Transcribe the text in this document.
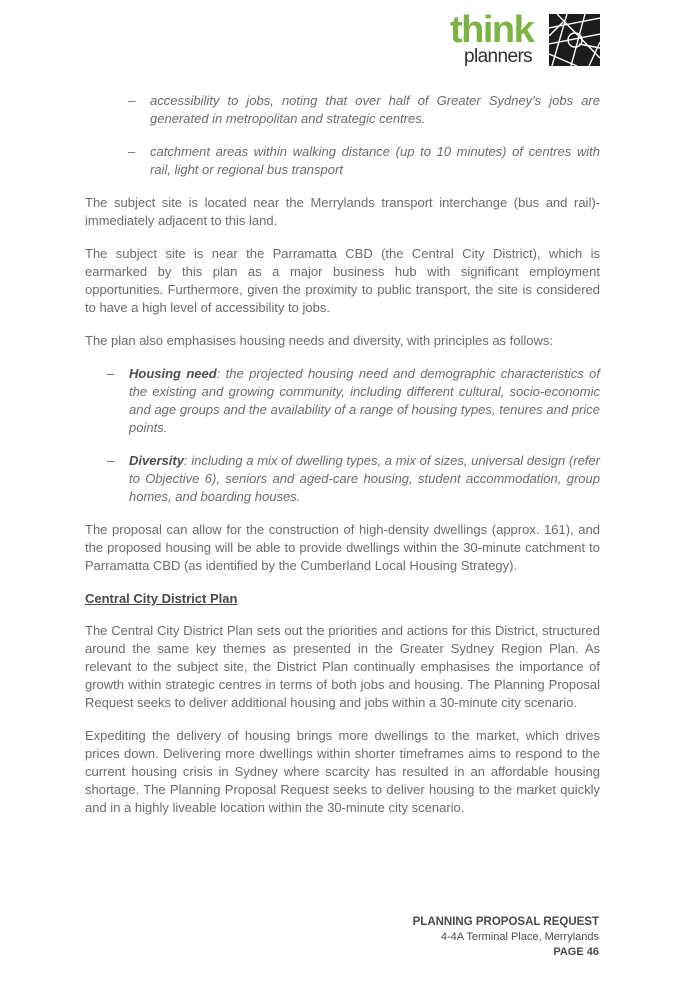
think
planners
– accessibility to jobs, noting that over half of Greater Sydney's jobs are generated in metropolitan and strategic centres.
– catchment areas within walking distance (up to 10 minutes) of centres with rail, light or regional bus transport

The subject site is located near the Merrylands transport interchange (bus and rail)- immediately adjacent to this land.

The subject site is near the Parramatta CBD (the Central City District), which is earmarked by this plan as a major business hub with significant employment opportunities. Furthermore, given the proximity to public transport, the site is considered to have a high level of accessibility to jobs.

The plan also emphasises housing needs and diversity, with principles as follows:

– Housing need: the projected housing need and demographic characteristics of the existing and growing community, including different cultural, socio-economic and age groups and the availability of a range of housing types, tenures and price points.
– Diversity: including a mix of dwelling types, a mix of sizes, universal design (refer to Objective 6), seniors and aged-care housing, student accommodation, group homes, and boarding houses.

The proposal can allow for the construction of high-density dwellings (approx. 161), and the proposed housing will be able to provide dwellings within the 30-minute catchment to Parramatta CBD (as identified by the Cumberland Local Housing Strategy).

Central City District Plan

The Central City District Plan sets out the priorities and actions for this District, structured around the same key themes as presented in the Greater Sydney Region Plan. As relevant to the subject site, the District Plan continually emphasises the importance of growth within strategic centres in terms of both jobs and housing. The Planning Proposal Request seeks to deliver additional housing and jobs within a 30-minute city scenario.

Expediting the delivery of housing brings more dwellings to the market, which drives prices down. Delivering more dwellings within shorter timeframes aims to respond to the current housing crisis in Sydney where scarcity has resulted in an affordable housing shortage. The Planning Proposal Request seeks to deliver housing to the market quickly and in a highly liveable location within the 30-minute city scenario.

PLANNING PROPOSAL REQUEST
4-4A Terminal Place, Merrylands
PAGE 46
